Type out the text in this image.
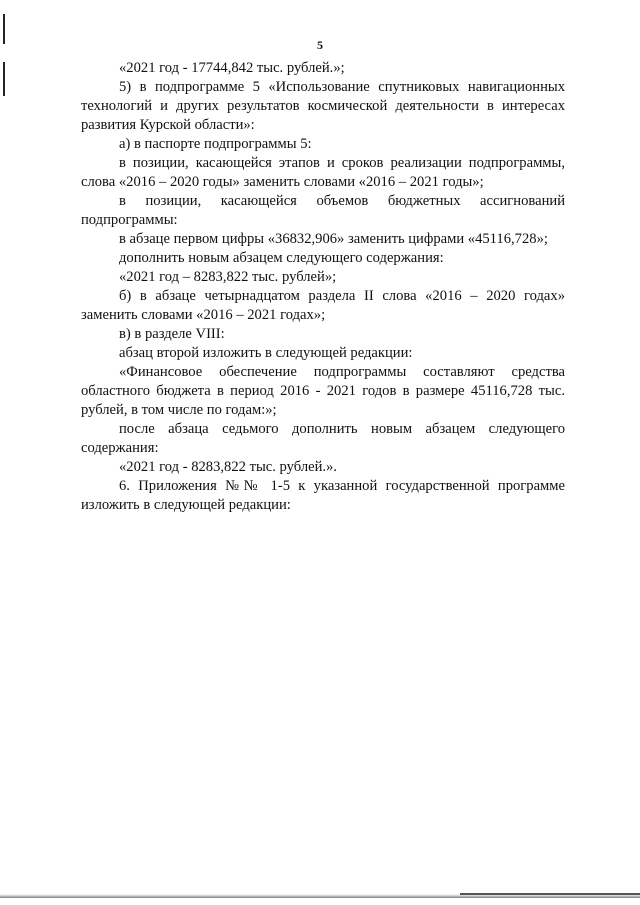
5

«2021 год - 17744,842 тыс. рублей.»;

5) в подпрограмме 5 «Использование спутниковых навигационных технологий и других результатов космической деятельности в интересах развития Курской области»:

а) в паспорте подпрограммы 5:

в позиции, касающейся этапов и сроков реализации подпрограммы, слова «2016 – 2020 годы» заменить словами «2016 – 2021 годы»;

в позиции, касающейся объемов бюджетных ассигнований подпрограммы:

в абзаце первом цифры «36832,906» заменить цифрами «45116,728»;

дополнить новым абзацем следующего содержания:

«2021 год – 8283,822 тыс. рублей»;

б) в абзаце четырнадцатом раздела II слова «2016 – 2020 годах» заменить словами «2016 – 2021 годах»;

в) в разделе VIII:

абзац второй изложить в следующей редакции:

«Финансовое обеспечение подпрограммы составляют средства областного бюджета в период 2016 - 2021 годов в размере 45116,728 тыс. рублей, в том числе по годам:»;

после абзаца седьмого дополнить новым абзацем следующего содержания:

«2021 год - 8283,822 тыс. рублей.».

6. Приложения №№ 1-5 к указанной государственной программе изложить в следующей редакции:
